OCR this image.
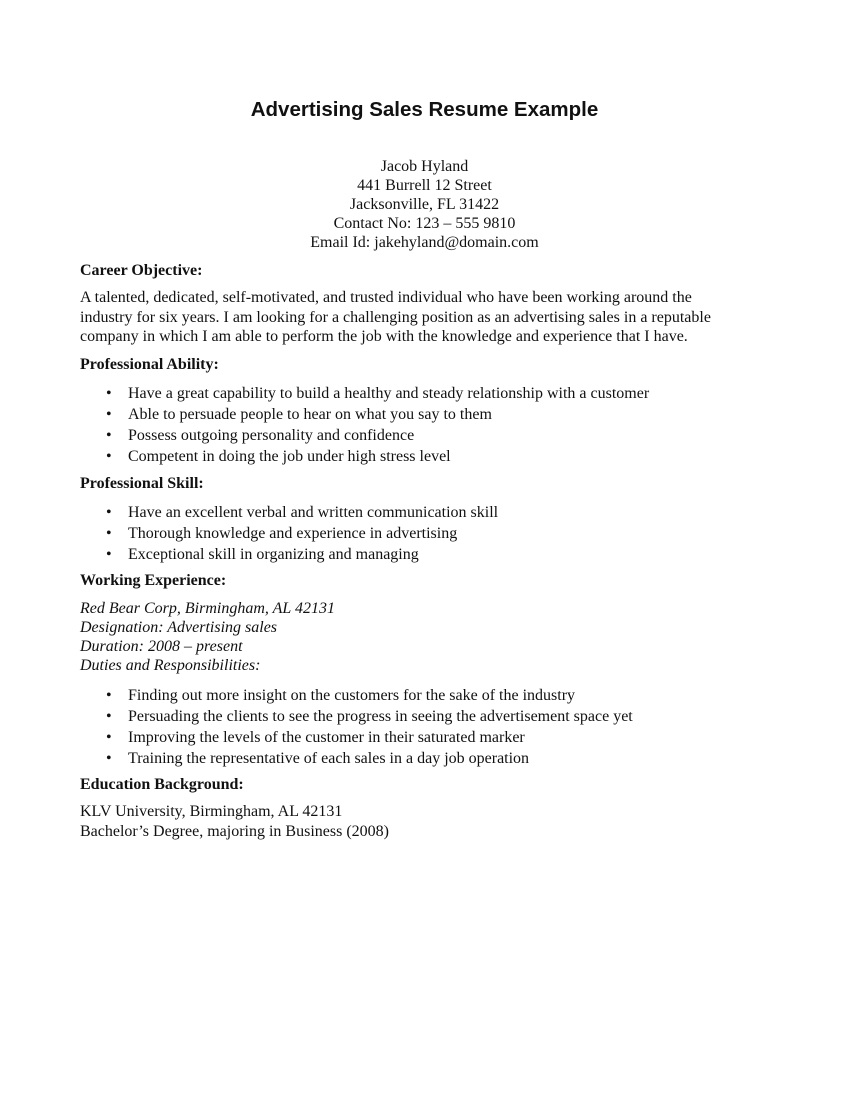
Advertising Sales Resume Example
Jacob Hyland
441 Burrell 12 Street
Jacksonville, FL 31422
Contact No: 123 – 555 9810
Email Id: jakehyland@domain.com
Career Objective:
A talented, dedicated, self-motivated, and trusted individual who have been working around the
industry for six years. I am looking for a challenging position as an advertising sales in a reputable
company in which I am able to perform the job with the knowledge and experience that I have.
Professional Ability:
• Have a great capability to build a healthy and steady relationship with a customer
• Able to persuade people to hear on what you say to them
• Possess outgoing personality and confidence
• Competent in doing the job under high stress level
Professional Skill:
• Have an excellent verbal and written communication skill
• Thorough knowledge and experience in advertising
• Exceptional skill in organizing and managing
Working Experience:
Red Bear Corp, Birmingham, AL 42131
Designation: Advertising sales
Duration: 2008 – present
Duties and Responsibilities:
• Finding out more insight on the customers for the sake of the industry
• Persuading the clients to see the progress in seeing the advertisement space yet
• Improving the levels of the customer in their saturated marker
• Training the representative of each sales in a day job operation
Education Background:
KLV University, Birmingham, AL 42131
Bachelor’s Degree, majoring in Business (2008)
